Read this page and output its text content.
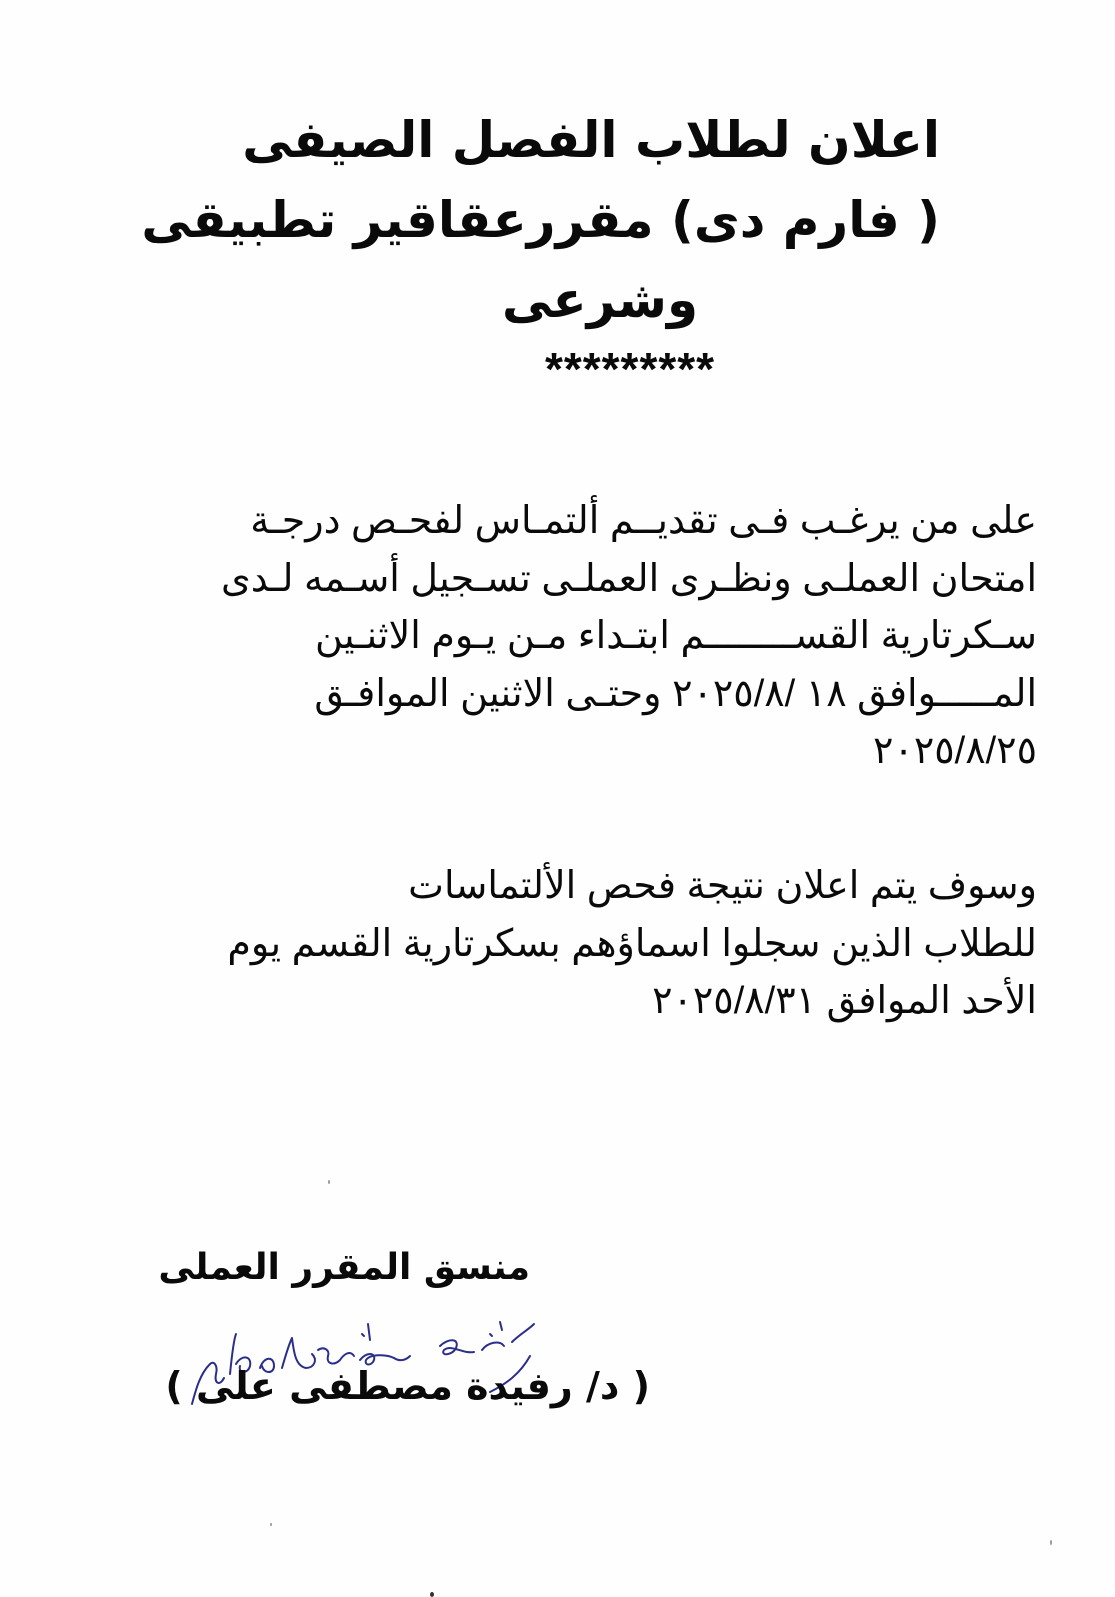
اعلان لطلاب الفصل الصيفى
( فارم دى) مقررعقاقير تطبيقى
وشرعى
*********
على من يرغـب فـى تقديــم ألتمـاس لفحـص درجـة
امتحان العملـى ونظـرى العملـى تسـجيل أسـمه لـدى
سـكرتارية القســــــــم ابتـداء مـن يـوم الاثنـين
المـــــوافق ١٨ /٢٠٢٥/٨ وحتـى الاثنين الموافـق
٢٠٢٥/٨/٢٥
وسوف يتم اعلان نتيجة فحص الألتماسات
للطلاب الذين سجلوا اسماؤهم بسكرتارية القسم يوم
الأحد الموافق ٢٠٢٥/٨/٣١
منسق المقرر العملى
( د/ رفيدة مصطفى على )
